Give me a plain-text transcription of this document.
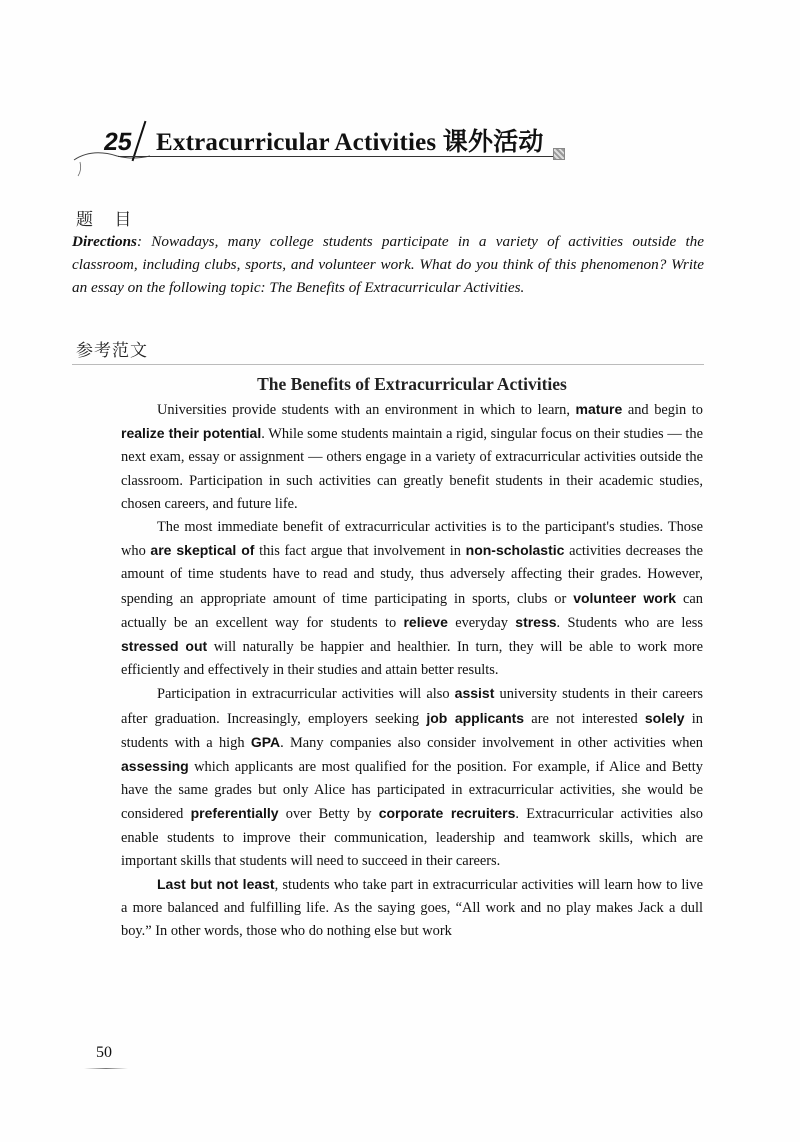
25 Extracurricular Activities 课外活动
题 目
Directions: Nowadays, many college students participate in a variety of activities outside the classroom, including clubs, sports, and volunteer work. What do you think of this phenomenon? Write an essay on the following topic: The Benefits of Extracurricular Activities.
参考范文
The Benefits of Extracurricular Activities

Universities provide students with an environment in which to learn, mature and begin to realize their potential. While some students maintain a rigid, singular focus on their studies — the next exam, essay or assignment — others engage in a variety of extracurricular activities outside the classroom. Participation in such activities can greatly benefit students in their academic studies, chosen careers, and future life.

The most immediate benefit of extracurricular activities is to the participant's studies. Those who are skeptical of this fact argue that involvement in non-scholastic activities decreases the amount of time students have to read and study, thus adversely affecting their grades. However, spending an appropriate amount of time participating in sports, clubs or volunteer work can actually be an excellent way for students to relieve everyday stress. Students who are less stressed out will naturally be happier and healthier. In turn, they will be able to work more efficiently and effectively in their studies and attain better results.

Participation in extracurricular activities will also assist university students in their careers after graduation. Increasingly, employers seeking job applicants are not interested solely in students with a high GPA. Many companies also consider involvement in other activities when assessing which applicants are most qualified for the position. For example, if Alice and Betty have the same grades but only Alice has participated in extracurricular activities, she would be considered preferentially over Betty by corporate recruiters. Extracurricular activities also enable students to improve their communication, leadership and teamwork skills, which are important skills that students will need to succeed in their careers.

Last but not least, students who take part in extracurricular activities will learn how to live a more balanced and fulfilling life. As the saying goes, “All work and no play makes Jack a dull boy.” In other words, those who do nothing else but work

50
